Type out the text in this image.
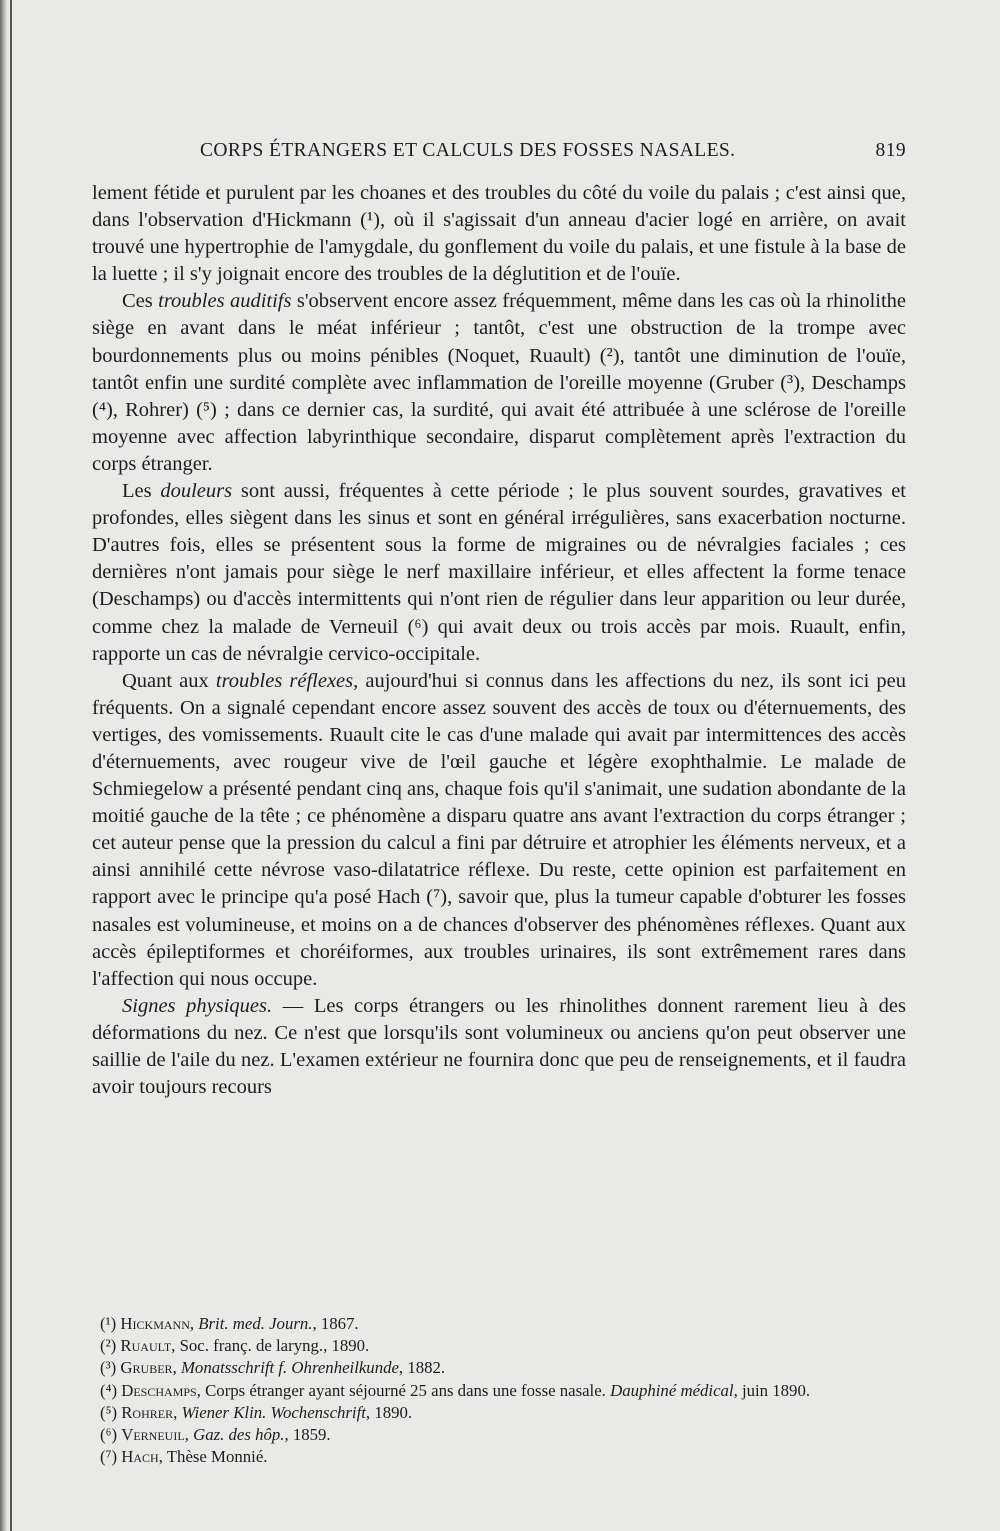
CORPS ÉTRANGERS ET CALCULS DES FOSSES NASALES.	819

lement fétide et purulent par les choanes et des troubles du côté du voile du palais ; c'est ainsi que, dans l'observation d'Hickmann (¹), où il s'agissait d'un anneau d'acier logé en arrière, on avait trouvé une hypertrophie de l'amygdale, du gonflement du voile du palais, et une fistule à la base de la luette ; il s'y joignait encore des troubles de la déglutition et de l'ouïe.

Ces troubles auditifs s'observent encore assez fréquemment, même dans les cas où la rhinolithe siège en avant dans le méat inférieur ; tantôt, c'est une obstruction de la trompe avec bourdonnements plus ou moins pénibles (Noquet, Ruault) (²), tantôt une diminution de l'ouïe, tantôt enfin une surdité complète avec inflammation de l'oreille moyenne (Gruber (³), Deschamps (⁴), Rohrer) (⁵) ; dans ce dernier cas, la surdité, qui avait été attribuée à une sclérose de l'oreille moyenne avec affection labyrinthique secondaire, disparut complètement après l'extraction du corps étranger.

Les douleurs sont aussi, fréquentes à cette période ; le plus souvent sourdes, gravatives et profondes, elles siègent dans les sinus et sont en général irrégulières, sans exacerbation nocturne. D'autres fois, elles se présentent sous la forme de migraines ou de névralgies faciales ; ces dernières n'ont jamais pour siège le nerf maxillaire inférieur, et elles affectent la forme tenace (Deschamps) ou d'accès intermittents qui n'ont rien de régulier dans leur apparition ou leur durée, comme chez la malade de Verneuil (⁶) qui avait deux ou trois accès par mois. Ruault, enfin, rapporte un cas de névralgie cervico-occipitale.

Quant aux troubles réflexes, aujourd'hui si connus dans les affections du nez, ils sont ici peu fréquents. On a signalé cependant encore assez souvent des accès de toux ou d'éternuements, des vertiges, des vomissements. Ruault cite le cas d'une malade qui avait par intermittences des accès d'éternuements, avec rougeur vive de l'œil gauche et légère exophthalmie. Le malade de Schmiegelow a présenté pendant cinq ans, chaque fois qu'il s'animait, une sudation abondante de la moitié gauche de la tête ; ce phénomène a disparu quatre ans avant l'extraction du corps étranger ; cet auteur pense que la pression du calcul a fini par détruire et atrophier les éléments nerveux, et a ainsi annihilé cette névrose vaso-dilatatrice réflexe. Du reste, cette opinion est parfaitement en rapport avec le principe qu'a posé Hach (⁷), savoir que, plus la tumeur capable d'obturer les fosses nasales est volumineuse, et moins on a de chances d'observer des phénomènes réflexes. Quant aux accès épileptiformes et choréiformes, aux troubles urinaires, ils sont extrêmement rares dans l'affection qui nous occupe.

Signes physiques. — Les corps étrangers ou les rhinolithes donnent rarement lieu à des déformations du nez. Ce n'est que lorsqu'ils sont volumineux ou anciens qu'on peut observer une saillie de l'aile du nez. L'examen extérieur ne fournira donc que peu de renseignements, et il faudra avoir toujours recours

(¹) Hickmann, Brit. med. Journ., 1867.

(²) Ruault, Soc. franç. de laryng., 1890.

(³) Gruber, Monatsschrift f. Ohrenheilkunde, 1882.

(⁴) Deschamps, Corps étranger ayant séjourné 25 ans dans une fosse nasale. Dauphiné médical, juin 1890.

(⁵) Rohrer, Wiener Klin. Wochenschrift, 1890.

(⁶) Verneuil, Gaz. des hôp., 1859.

(⁷) Hach, Thèse Monnié.
